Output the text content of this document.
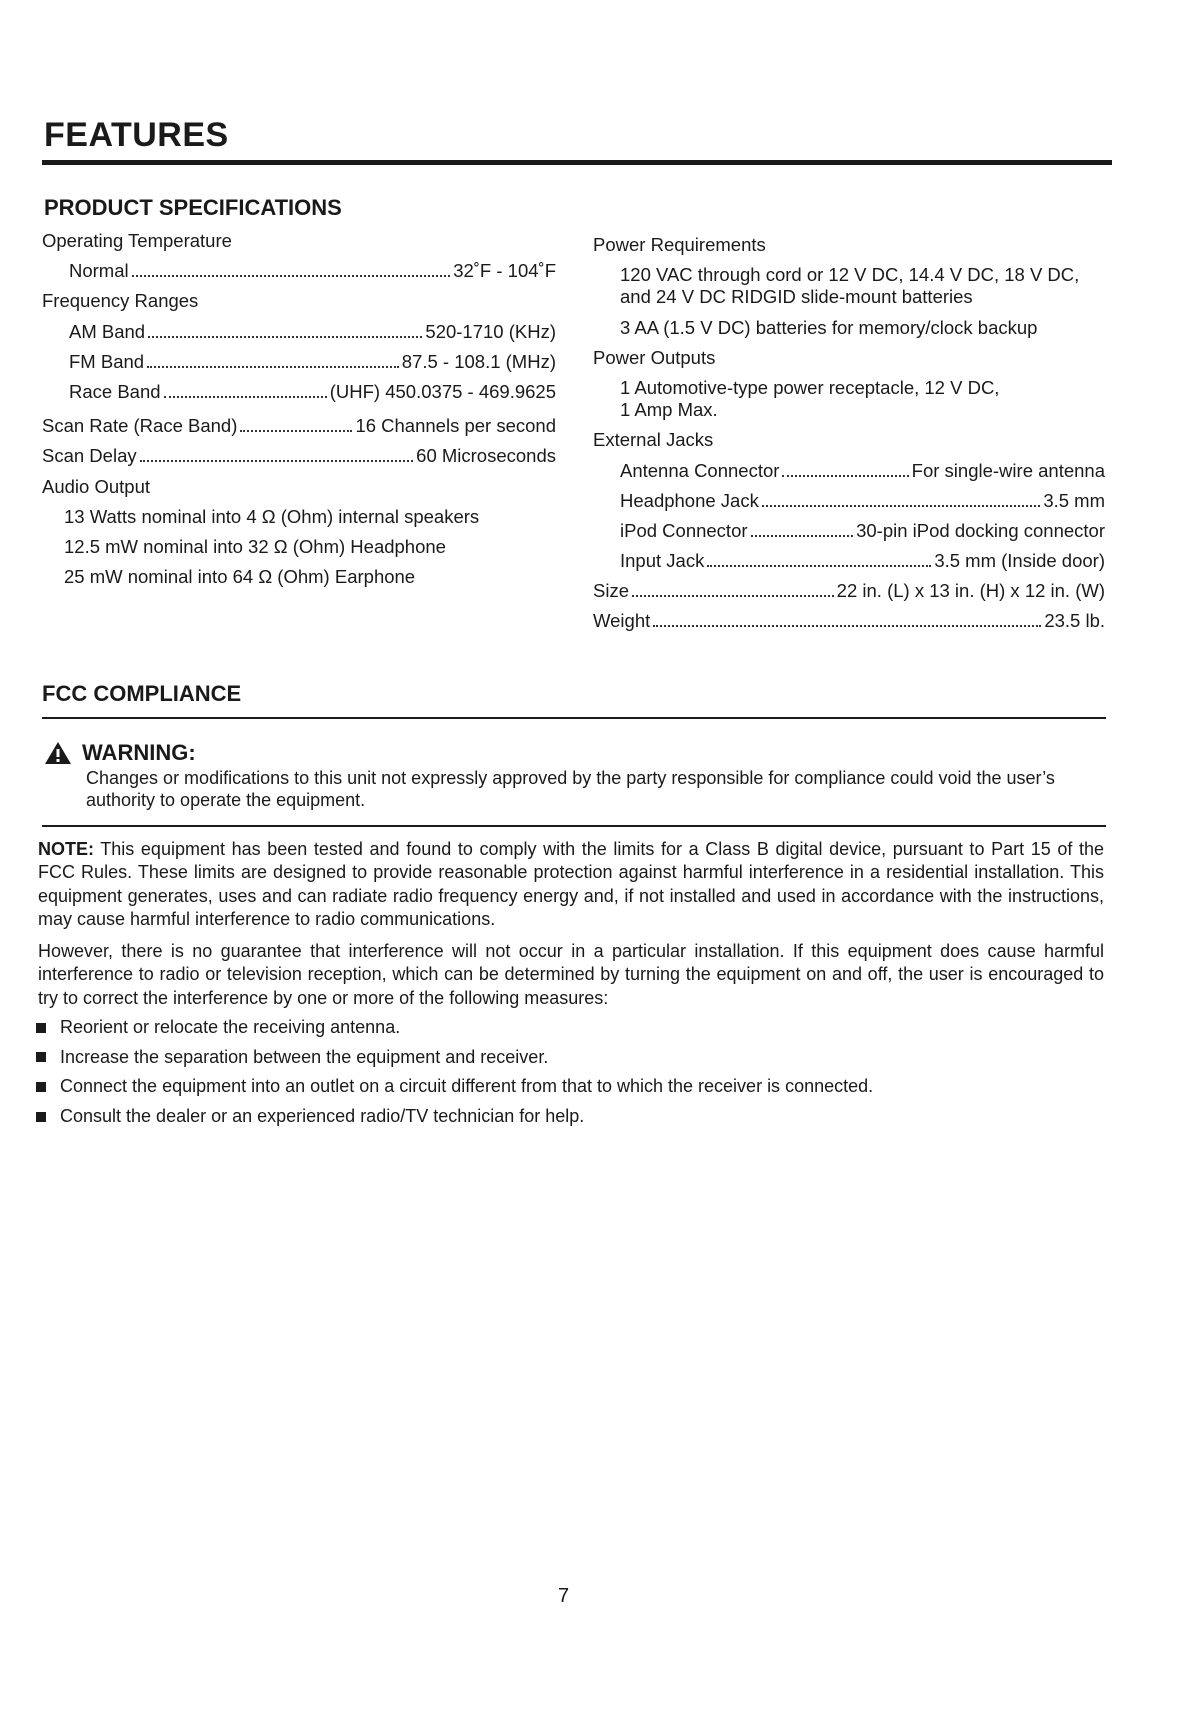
FEATURES
PRODUCT SPECIFICATIONS
Operating Temperature
Normal	32˚F - 104˚F
Frequency Ranges
AM Band	520-1710 (KHz)
FM Band	87.5 - 108.1 (MHz)
Race Band	(UHF) 450.0375 - 469.9625
Scan Rate (Race Band)	16 Channels per second
Scan Delay	60 Microseconds
Audio Output
13 Watts nominal into 4 Ω (Ohm) internal speakers
12.5 mW nominal into 32 Ω (Ohm) Headphone
25 mW nominal into 64 Ω (Ohm) Earphone
Power Requirements
120 VAC through cord or 12 V DC, 14.4 V DC, 18 V DC,
and 24 V DC RIDGID slide-mount batteries
3 AA (1.5 V DC) batteries for memory/clock backup
Power Outputs
1 Automotive-type power receptacle, 12 V DC,
1 Amp Max.
External Jacks
Antenna Connector	For single-wire antenna
Headphone Jack	3.5 mm
iPod Connector	30-pin iPod docking connector
Input Jack	3.5 mm (Inside door)
Size	22 in. (L) x 13 in. (H) x 12 in. (W)
Weight	23.5 lb.
FCC COMPLIANCE
WARNING:
Changes or modifications to this unit not expressly approved by the party responsible for compliance could void the user’s authority to operate the equipment.
NOTE: This equipment has been tested and found to comply with the limits for a Class B digital device, pursuant to Part 15 of the FCC Rules. These limits are designed to provide reasonable protection against harmful interference in a residential installation. This equipment generates, uses and can radiate radio frequency energy and, if not installed and used in accordance with the instructions, may cause harmful interference to radio communications.
However, there is no guarantee that interference will not occur in a particular installation. If this equipment does cause harmful interference to radio or television reception, which can be determined by turning the equipment on and off, the user is encouraged to try to correct the interference by one or more of the following measures:
Reorient or relocate the receiving antenna.
Increase the separation between the equipment and receiver.
Connect the equipment into an outlet on a circuit different from that to which the receiver is connected.
Consult the dealer or an experienced radio/TV technician for help.
7
